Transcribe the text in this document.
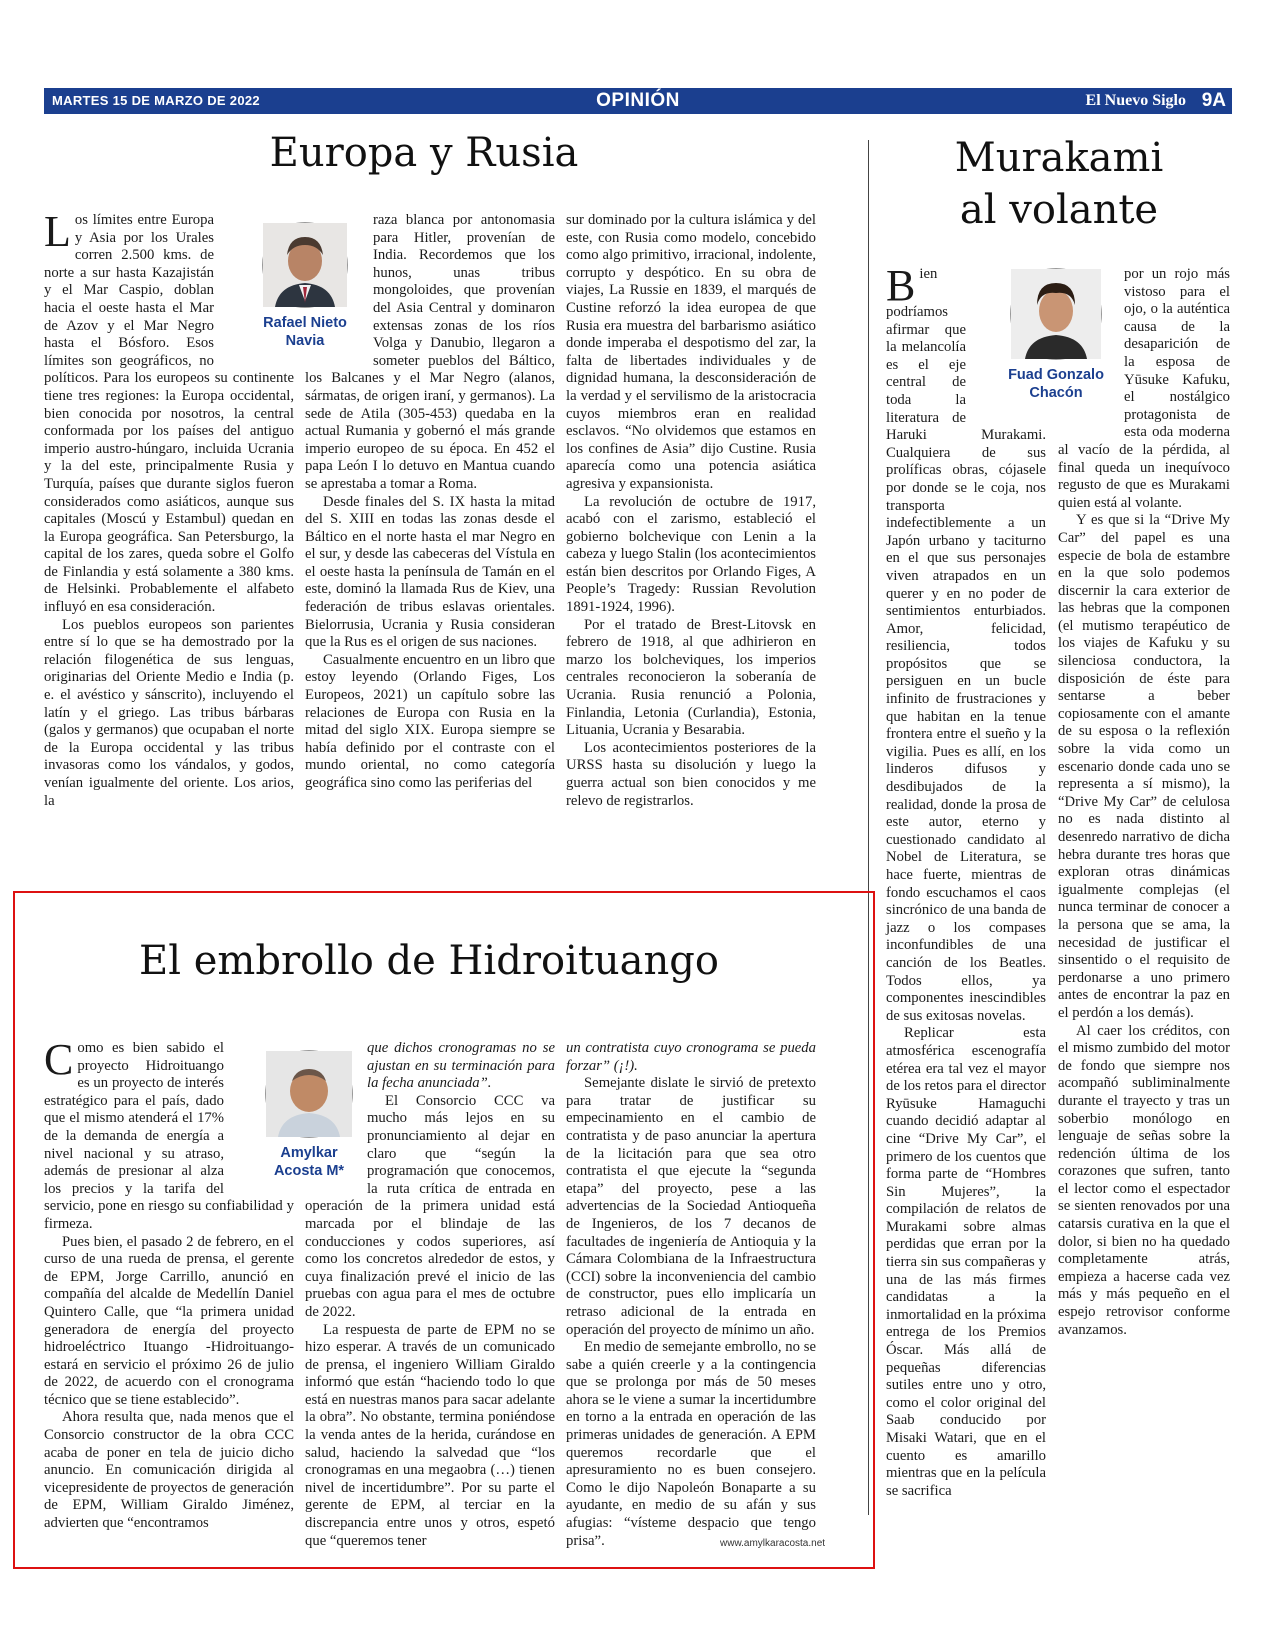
MARTES 15 DE MARZO DE 2022	OPINIÓN	El Nuevo Siglo 9A
Europa y Rusia
Rafael Nieto
Navia

Los límites entre Europa y Asia por los Urales corren 2.500 kms. de norte a sur hasta Kazajistán y el Mar Caspio, doblan hacia el oeste hasta el Mar de Azov y el Mar Negro hasta el Bósforo. Esos límites son geográficos, no políticos. Para los europeos su continente tiene tres regiones: la Europa occidental, bien conocida por nosotros, la central conformada por los países del antiguo imperio austro-húngaro, incluida Ucrania y la del este, principalmente Rusia y Turquía, países que durante siglos fueron considerados como asiáticos, aunque sus capitales (Moscú y Estambul) quedan en la Europa geográfica. San Petersburgo, la capital de los zares, queda sobre el Golfo de Finlandia y está solamente a 380 kms. de Helsinki. Probablemente el alfabeto influyó en esa consideración.

Los pueblos europeos son parientes entre sí lo que se ha demostrado por la relación filogenética de sus lenguas, originarias del Oriente Medio e India (p. e. el avéstico y sánscrito), incluyendo el latín y el griego. Las tribus bárbaras (galos y germanos) que ocupaban el norte de la Europa occidental y las tribus invasoras como los vándalos, y godos, venían igualmente del oriente. Los arios, la

raza blanca por antonomasia para Hitler, provenían de India. Recordemos que los hunos, unas tribus mongoloides, que provenían del Asia Central y dominaron extensas zonas de los ríos Volga y Danubio, llegaron a someter pueblos del Báltico, los Balcanes y el Mar Negro (alanos, sármatas, de origen iraní, y germanos). La sede de Atila (305-453) quedaba en la actual Rumania y gobernó el más grande imperio europeo de su época. En 452 el papa León I lo detuvo en Mantua cuando se aprestaba a tomar a Roma.

Desde finales del S. IX hasta la mitad del S. XIII en todas las zonas desde el Báltico en el norte hasta el mar Negro en el sur, y desde las cabeceras del Vístula en el oeste hasta la península de Tamán en el este, dominó la llamada Rus de Kiev, una federación de tribus eslavas orientales. Bielorrusia, Ucrania y Rusia consideran que la Rus es el origen de sus naciones.

Casualmente encuentro en un libro que estoy leyendo (Orlando Figes, Los Europeos, 2021) un capítulo sobre las relaciones de Europa con Rusia en la mitad del siglo XIX. Europa siempre se había definido por el contraste con el mundo oriental, no como categoría geográfica sino como las periferias del

sur dominado por la cultura islámica y del este, con Rusia como modelo, concebido como algo primitivo, irracional, indolente, corrupto y despótico. En su obra de viajes, La Russie en 1839, el marqués de Custine reforzó la idea europea de que Rusia era muestra del barbarismo asiático donde imperaba el despotismo del zar, la falta de libertades individuales y de dignidad humana, la desconsideración de la verdad y el servilismo de la aristocracia cuyos miembros eran en realidad esclavos. “No olvidemos que estamos en los confines de Asia” dijo Custine. Rusia aparecía como una potencia asiática agresiva y expansionista.

La revolución de octubre de 1917, acabó con el zarismo, estableció el gobierno bolchevique con Lenin a la cabeza y luego Stalin (los acontecimientos están bien descritos por Orlando Figes, A People’s Tragedy: Russian Revolution 1891-1924, 1996).

Por el tratado de Brest-Litovsk en febrero de 1918, al que adhirieron en marzo los bolcheviques, los imperios centrales reconocieron la soberanía de Ucrania. Rusia renunció a Polonia, Finlandia, Letonia (Curlandia), Estonia, Lituania, Ucrania y Besarabia.

Los acontecimientos posteriores de la URSS hasta su disolución y luego la guerra actual son bien conocidos y me relevo de registrarlos.

Murakami
al volante
Fuad Gonzalo
Chacón

Bien podríamos afirmar que la melancolía es el eje central de toda la literatura de Haruki Murakami. Cualquiera de sus prolíficas obras, cójasele por donde se le coja, nos transporta indefectiblemente a un Japón urbano y taciturno en el que sus personajes viven atrapados en un querer y en no poder de sentimientos enturbiados. Amor, felicidad, resiliencia, todos propósitos que se persiguen en un bucle infinito de frustraciones y que habitan en la tenue frontera entre el sueño y la vigilia. Pues es allí, en los linderos difusos y desdibujados de la realidad, donde la prosa de este autor, eterno y cuestionado candidato al Nobel de Literatura, se hace fuerte, mientras de fondo escuchamos el caos sincrónico de una banda de jazz o los compases inconfundibles de una canción de los Beatles. Todos ellos, ya componentes inescindibles de sus exitosas novelas.

Replicar esta atmosférica escenografía etérea era tal vez el mayor de los retos para el director Ryūsuke Hamaguchi cuando decidió adaptar al cine “Drive My Car”, el primero de los cuentos que forma parte de “Hombres Sin Mujeres”, la compilación de relatos de Murakami sobre almas perdidas que erran por la tierra sin sus compañeras y una de las más firmes candidatas a la inmortalidad en la próxima entrega de los Premios Óscar. Más allá de pequeñas diferencias sutiles entre uno y otro, como el color original del Saab conducido por Misaki Watari, que en el cuento es amarillo mientras que en la película se sacrifica

por un rojo más vistoso para el ojo, o la auténtica causa de la desaparición de la esposa de Yūsuke Kafuku, el nostálgico protagonista de esta oda moderna al vacío de la pérdida, al final queda un inequívoco regusto de que es Murakami quien está al volante.

Y es que si la “Drive My Car” del papel es una especie de bola de estambre en la que solo podemos discernir la cara exterior de las hebras que la componen (el mutismo terapéutico de los viajes de Kafuku y su silenciosa conductora, la disposición de éste para sentarse a beber copiosamente con el amante de su esposa o la reflexión sobre la vida como un escenario donde cada uno se representa a sí mismo), la “Drive My Car” de celulosa no es nada distinto al desenredo narrativo de dicha hebra durante tres horas que exploran otras dinámicas igualmente complejas (el nunca terminar de conocer a la persona que se ama, la necesidad de justificar el sinsentido o el requisito de perdonarse a uno primero antes de encontrar la paz en el perdón a los demás).

Al caer los créditos, con el mismo zumbido del motor de fondo que siempre nos acompañó subliminalmente durante el trayecto y tras un soberbio monólogo en lenguaje de señas sobre la redención última de los corazones que sufren, tanto el lector como el espectador se sienten renovados por una catarsis curativa en la que el dolor, si bien no ha quedado completamente atrás, empieza a hacerse cada vez más y más pequeño en el espejo retrovisor conforme avanzamos.

El embrollo de Hidroituango
Amylkar
Acosta M*

Como es bien sabido el proyecto Hidroituango es un proyecto de interés estratégico para el país, dado que el mismo atenderá el 17% de la demanda de energía a nivel nacional y su atraso, además de presionar al alza los precios y la tarifa del servicio, pone en riesgo su confiabilidad y firmeza.

Pues bien, el pasado 2 de febrero, en el curso de una rueda de prensa, el gerente de EPM, Jorge Carrillo, anunció en compañía del alcalde de Medellín Daniel Quintero Calle, que “la primera unidad generadora de energía del proyecto hidroeléctrico Ituango -Hidroituango- estará en servicio el próximo 26 de julio de 2022, de acuerdo con el cronograma técnico que se tiene establecido”.

Ahora resulta que, nada menos que el Consorcio constructor de la obra CCC acaba de poner en tela de juicio dicho anuncio. En comunicación dirigida al vicepresidente de proyectos de generación de EPM, William Giraldo Jiménez, advierten que “encontramos

que dichos cronogramas no se ajustan en su terminación para la fecha anunciada”.

El Consorcio CCC va mucho más lejos en su pronunciamiento al dejar en claro que “según la programación que conocemos, la ruta crítica de entrada en operación de la primera unidad está marcada por el blindaje de las conducciones y codos superiores, así como los concretos alrededor de estos, y cuya finalización prevé el inicio de las pruebas con agua para el mes de octubre de 2022.

La respuesta de parte de EPM no se hizo esperar. A través de un comunicado de prensa, el ingeniero William Giraldo informó que están “haciendo todo lo que está en nuestras manos para sacar adelante la obra”. No obstante, termina poniéndose la venda antes de la herida, curándose en salud, haciendo la salvedad que “los cronogramas en una megaobra (…) tienen nivel de incertidumbre”. Por su parte el gerente de EPM, al terciar en la discrepancia entre unos y otros, espetó que “queremos tener

un contratista cuyo cronograma se pueda forzar” (¡!).

Semejante dislate le sirvió de pretexto para tratar de justificar su empecinamiento en el cambio de contratista y de paso anunciar la apertura de la licitación para que sea otro contratista el que ejecute la “segunda etapa” del proyecto, pese a las advertencias de la Sociedad Antioqueña de Ingenieros, de los 7 decanos de facultades de ingeniería de Antioquia y la Cámara Colombiana de la Infraestructura (CCI) sobre la inconveniencia del cambio de constructor, pues ello implicaría un retraso adicional de la entrada en operación del proyecto de mínimo un año.

En medio de semejante embrollo, no se sabe a quién creerle y a la contingencia que se prolonga por más de 50 meses ahora se le viene a sumar la incertidumbre en torno a la entrada en operación de las primeras unidades de generación. A EPM queremos recordarle que el apresuramiento no es buen consejero. Como le dijo Napoleón Bonaparte a su ayudante, en medio de su afán y sus afugias: “vísteme despacio que tengo prisa”.	www.amylkaracosta.net
